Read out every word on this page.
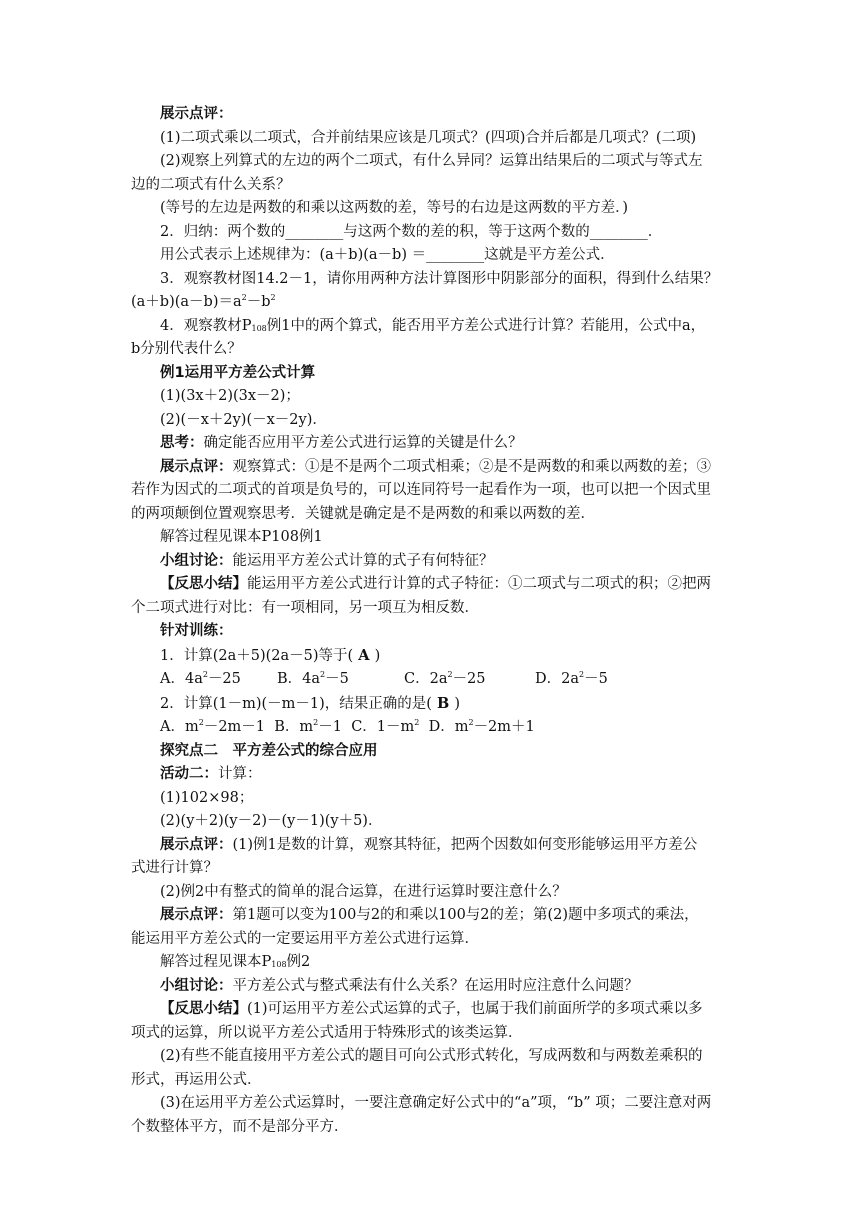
展示点评：

(1)二项式乘以二项式，合并前结果应该是几项式？(四项)合并后都是几项式？(二项)

(2)观察上列算式的左边的两个二项式，有什么异同？运算出结果后的二项式与等式左

边的二项式有什么关系？

(等号的左边是两数的和乘以这两数的差，等号的右边是这两数的平方差．)

2．归纳：两个数的________与这两个数的差的积，等于这两个数的________．

用公式表示上述规律为：(a＋b)(a－b) ＝________这就是平方差公式．

3．观察教材图14.2－1，请你用两种方法计算图形中阴影部分的面积，得到什么结果？

$(a+b)(a-b)=a^2-b^2$

4．观察教材$P_{108}$例1中的两个算式，能否用平方差公式进行计算？若能用，公式中a，

b分别代表什么？

例1运用平方差公式计算

(1)(3x＋2)(3x－2)；

(2)(－x＋2y)(－x－2y)．

思考：确定能否应用平方差公式进行运算的关键是什么？

展示点评：观察算式：①是不是两个二项式相乘；②是不是两数的和乘以两数的差；③

若作为因式的二项式的首项是负号的，可以连同符号一起看作为一项，也可以把一个因式里

的两项颠倒位置观察思考．关键就是确定是不是两数的和乘以两数的差．

解答过程见课本P108例1

小组讨论：能运用平方差公式计算的式子有何特征？

【反思小结】能运用平方差公式进行计算的式子特征：①二项式与二项式的积；②把两

个二项式进行对比：有一项相同，另一项互为相反数．

针对训练：

1．计算(2a＋5)(2a－5)等于( A )

A．$4a^2-25$ B．$4a^2-5$	C．$2a^2-25$	D．$2a^2-5$

2．计算(1－m)(－m－1)，结果正确的是( B )

A．$m^2-2m-1$ B．$m^2-1$ C．$1-m^2$ D．$m^2-2m+1$

探究点二　平方差公式的综合应用

活动二：计算：

(1)102×98；

(2)(y＋2)(y－2)－(y－1)(y＋5)．

展示点评：(1)例1是数的计算，观察其特征，把两个因数如何变形能够运用平方差公

式进行计算？

(2)例2中有整式的简单的混合运算，在进行运算时要注意什么？

展示点评：第1题可以变为100与2的和乘以100与2的差；第(2)题中多项式的乘法，

能运用平方差公式的一定要运用平方差公式进行运算．

解答过程见课本$P_{108}$例2

小组讨论：平方差公式与整式乘法有什么关系？在运用时应注意什么问题？

【反思小结】(1)可运用平方差公式运算的式子，也属于我们前面所学的多项式乘以多

项式的运算，所以说平方差公式适用于特殊形式的该类运算．

(2)有些不能直接用平方差公式的题目可向公式形式转化，写成两数和与两数差乘积的

形式，再运用公式．

(3)在运用平方差公式运算时，一要注意确定好公式中的“a”项，“b” 项；二要注意对两

个数整体平方，而不是部分平方．
